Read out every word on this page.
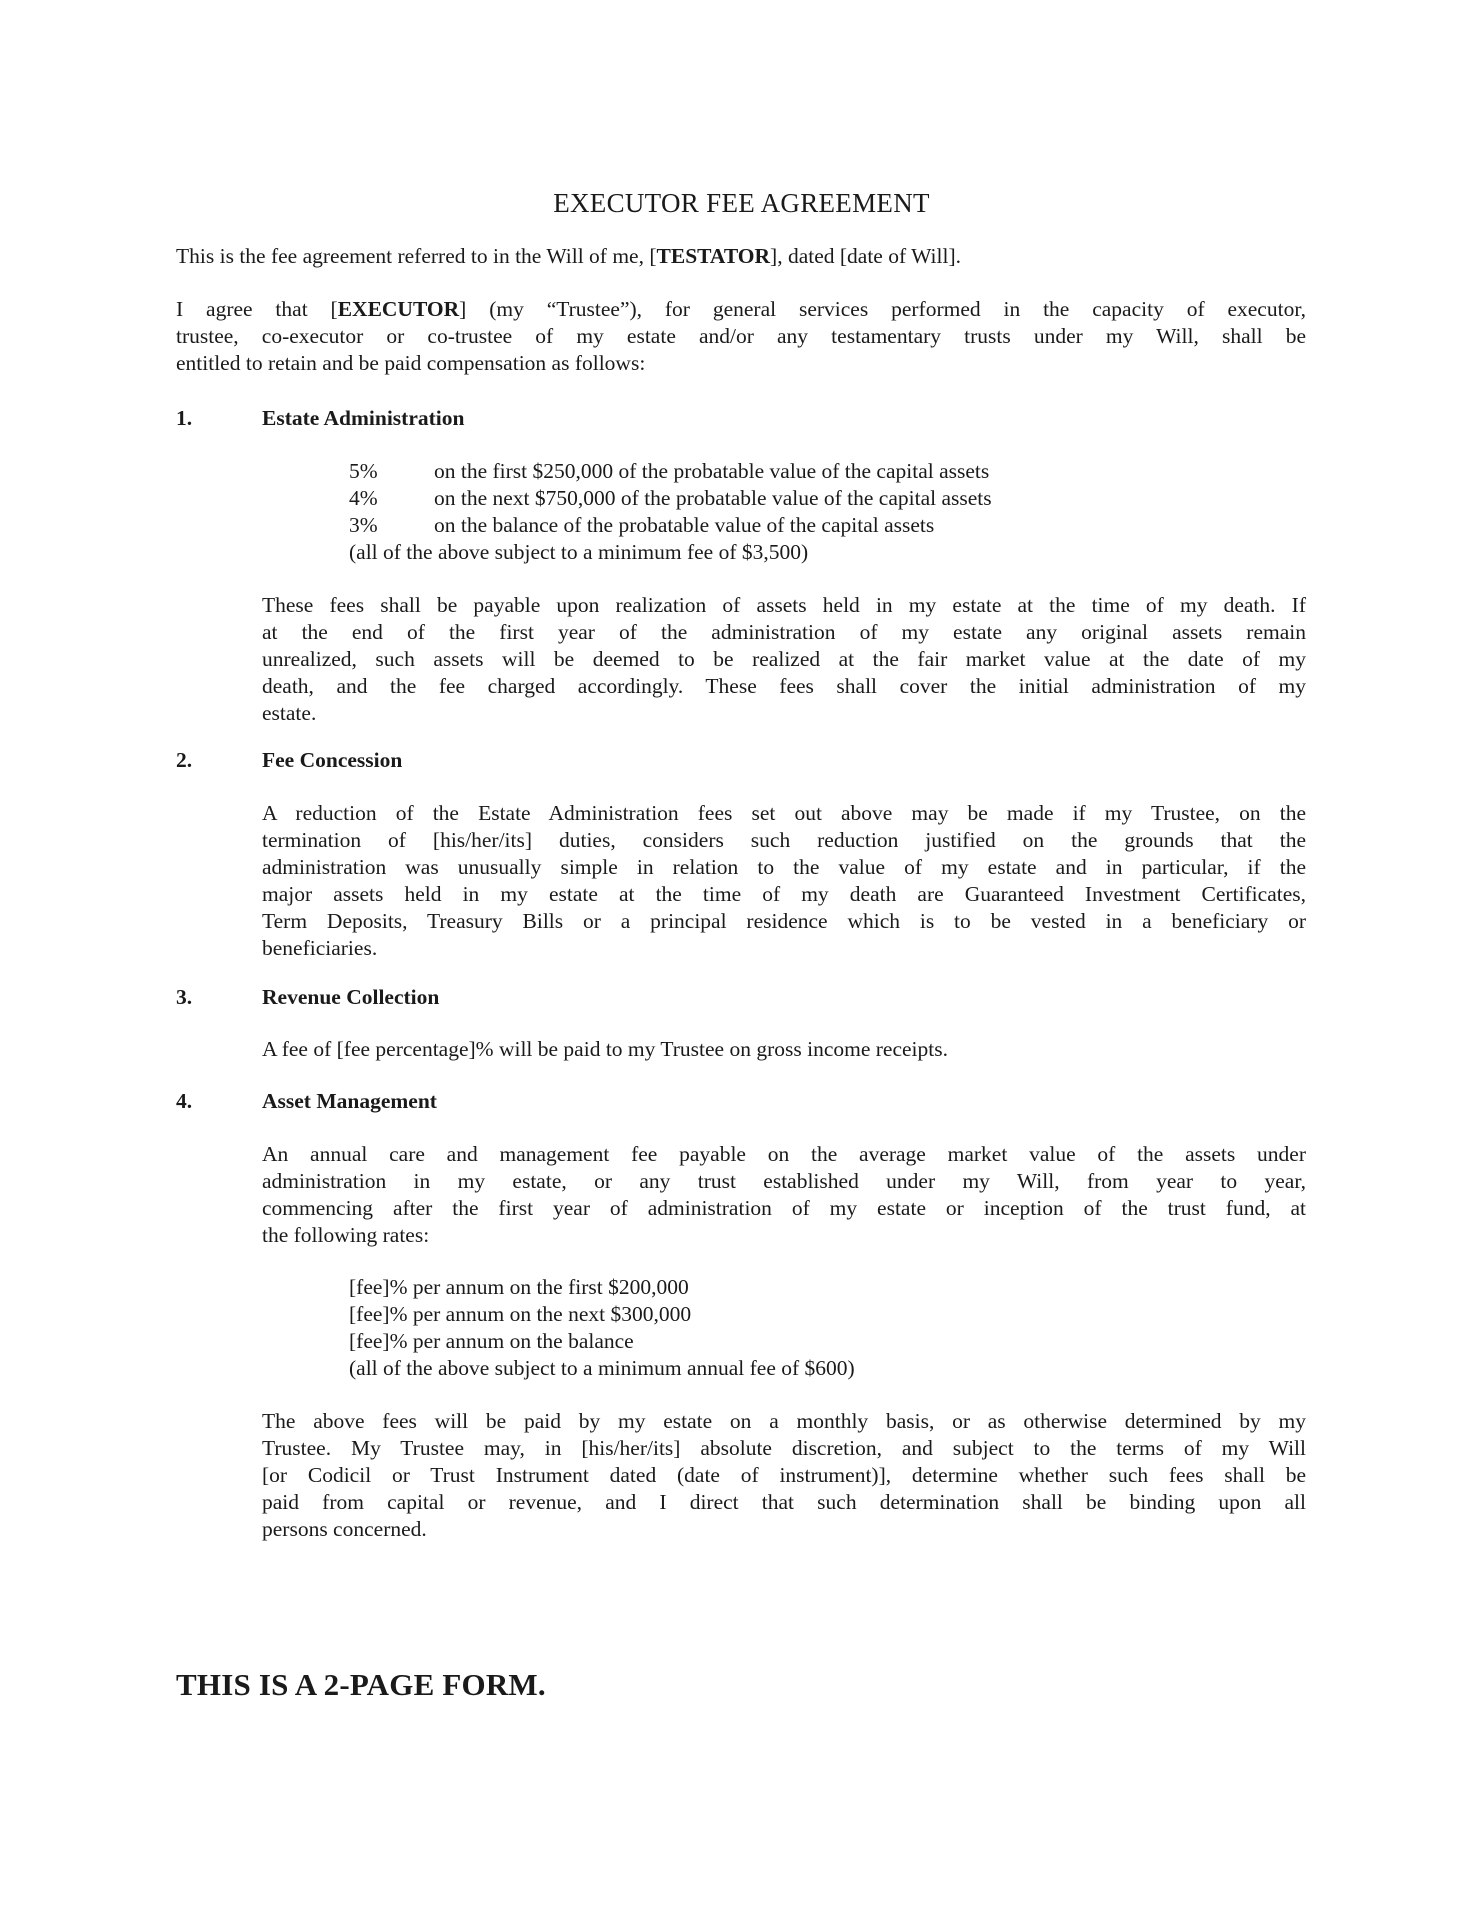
EXECUTOR FEE AGREEMENT
This is the fee agreement referred to in the Will of me, [TESTATOR], dated [date of Will].
I agree that [EXECUTOR] (my “Trustee”), for general services performed in the capacity of executor,
trustee, co-executor or co-trustee of my estate and/or any testamentary trusts under my Will, shall be
entitled to retain and be paid compensation as follows:
1.	Estate Administration
5%	on the first $250,000 of the probatable value of the capital assets
4%	on the next $750,000 of the probatable value of the capital assets
3%	on the balance of the probatable value of the capital assets
(all of the above subject to a minimum fee of $3,500)
These fees shall be payable upon realization of assets held in my estate at the time of my death. If
at the end of the first year of the administration of my estate any original assets remain
unrealized, such assets will be deemed to be realized at the fair market value at the date of my
death, and the fee charged accordingly. These fees shall cover the initial administration of my
estate.
2.	Fee Concession
A reduction of the Estate Administration fees set out above may be made if my Trustee, on the
termination of [his/her/its] duties, considers such reduction justified on the grounds that the
administration was unusually simple in relation to the value of my estate and in particular, if the
major assets held in my estate at the time of my death are Guaranteed Investment Certificates,
Term Deposits, Treasury Bills or a principal residence which is to be vested in a beneficiary or
beneficiaries.
3.	Revenue Collection
A fee of [fee percentage]% will be paid to my Trustee on gross income receipts.
4.	Asset Management
An annual care and management fee payable on the average market value of the assets under
administration in my estate, or any trust established under my Will, from year to year,
commencing after the first year of administration of my estate or inception of the trust fund, at
the following rates:
[fee]% per annum on the first $200,000
[fee]% per annum on the next $300,000
[fee]% per annum on the balance
(all of the above subject to a minimum annual fee of $600)
The above fees will be paid by my estate on a monthly basis, or as otherwise determined by my
Trustee. My Trustee may, in [his/her/its] absolute discretion, and subject to the terms of my Will
[or Codicil or Trust Instrument dated (date of instrument)], determine whether such fees shall be
paid from capital or revenue, and I direct that such determination shall be binding upon all
persons concerned.
THIS IS A 2-PAGE FORM.
